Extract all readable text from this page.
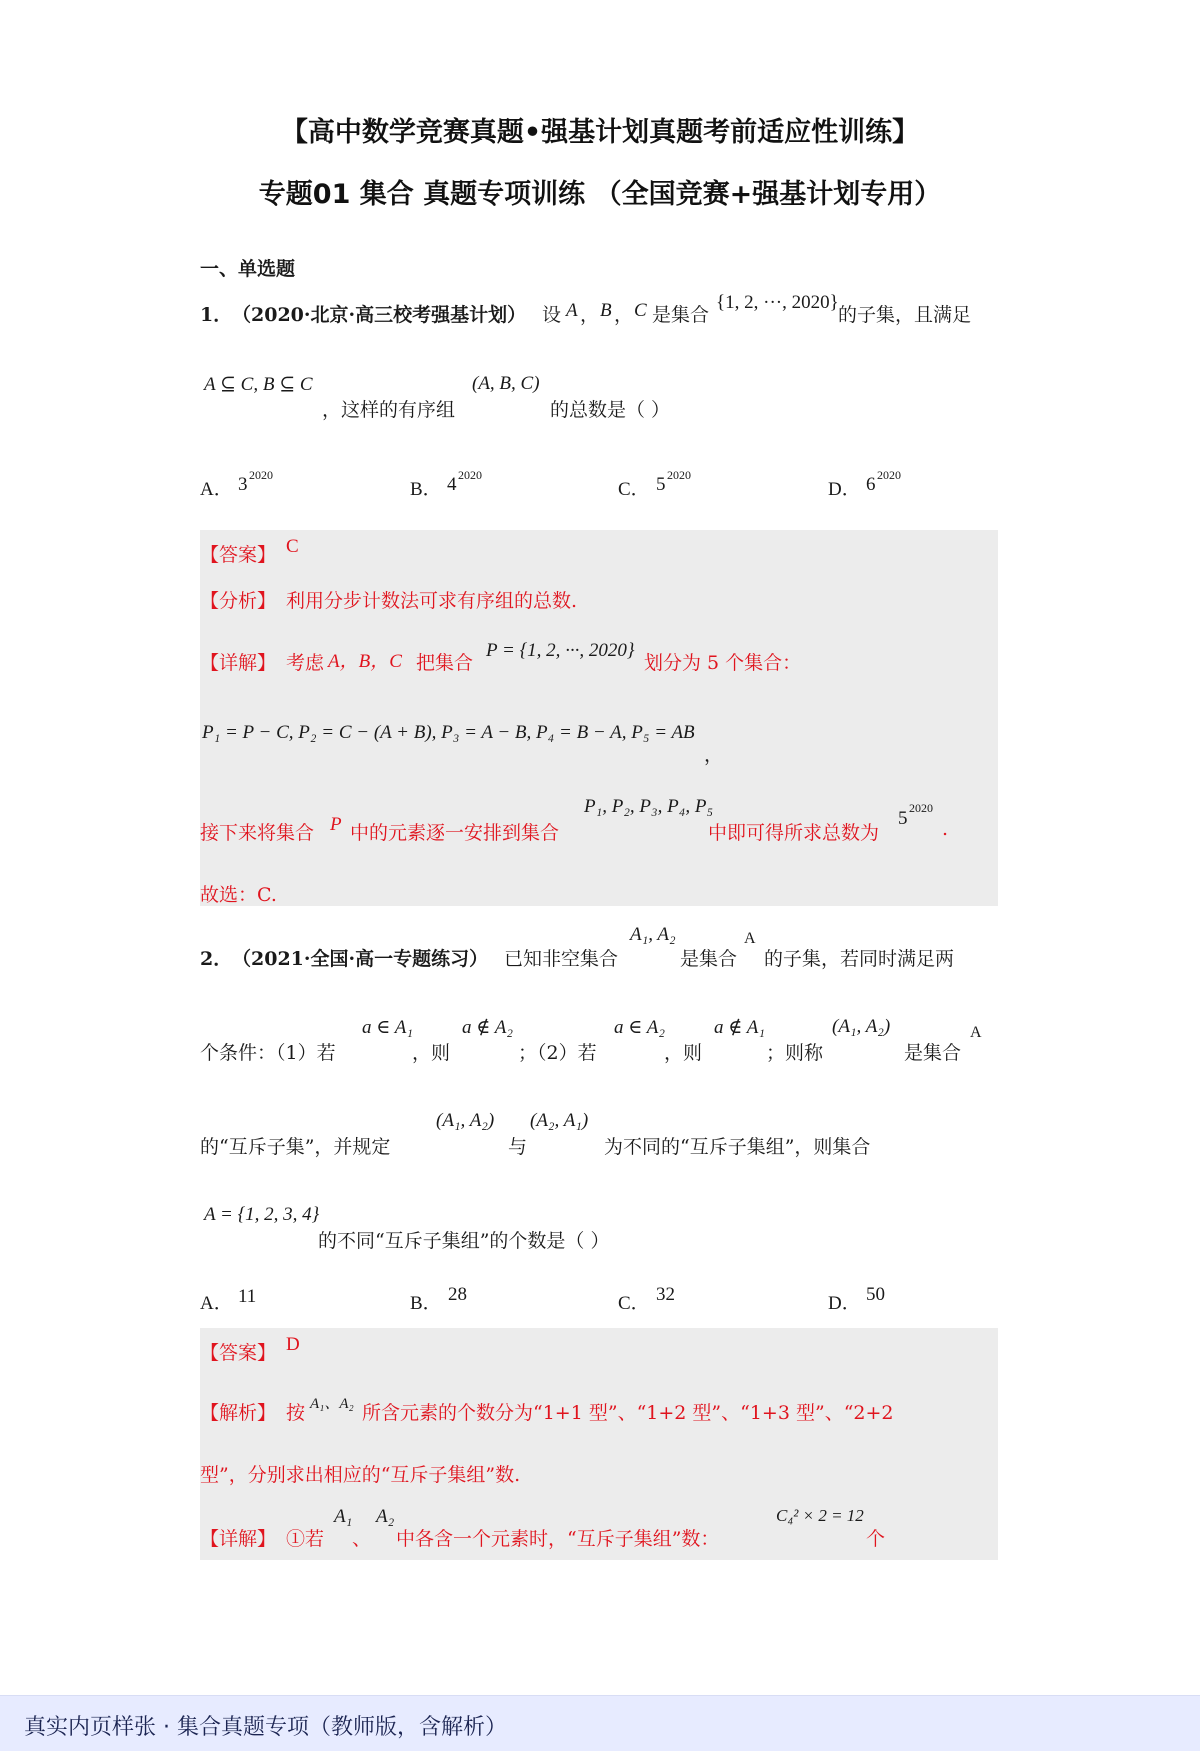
【高中数学竞赛真题•强基计划真题考前适应性训练】
专题01 集合 真题专项训练 （全国竞赛+强基计划专用）
一、单选题
1． （2020·北京·高三校考强基计划） 设 A ， B ， C 是集合
{1, 2, ···, 2020}
的子集，且满足
A ⊆ C, B ⊆ C
，这样的有序组
(A, B, C)
的总数是（ ）
A． 3 2020
B． 4 2020
C． 5 2020
D． 6 2020
【答案】 C
【分析】 利用分步计数法可求有序组的总数.
【详解】 考虑 A，B，C 把集合
P = {1, 2, ···, 2020}
划分为 5 个集合：
P₁ = P − C, P₂ = C − (A + B), P₃ = A − B, P₄ = B − A, P₅ = AB
，
接下来将集合 P 中的元素逐一安排到集合
P₁, P₂, P₃, P₄, P₅
中即可得所求总数为
5 2020
.
故选：C.
2． （2021·全国·高一专题练习） 已知非空集合
A₁, A₂
是集合
A
的子集，若同时满足两
个条件：（1）若
a ∈ A₁
，则
a ∉ A₂
；（2）若
a ∈ A₂
，则
a ∉ A₁
；则称
(A₁, A₂)
是集合
A
的“互斥子集”，并规定
(A₁, A₂)
与
(A₂, A₁)
为不同的“互斥子集组”，则集合
A = {1, 2, 3, 4}
的不同“互斥子集组”的个数是（ ）
A． 11	B． 28	C． 32	D． 50
【答案】 D
【解析】 按 A₁、A₂ 所含元素的个数分为“1+1 型”、“1+2 型”、“1+3 型”、“2+2
型”，分别求出相应的“互斥子集组”数.
【详解】 ①若
A₁
、
A₂
中各含一个元素时，“互斥子集组”数：
C₄² × 2 = 12
个
真实内页样张 · 集合真题专项（教师版，含解析）
